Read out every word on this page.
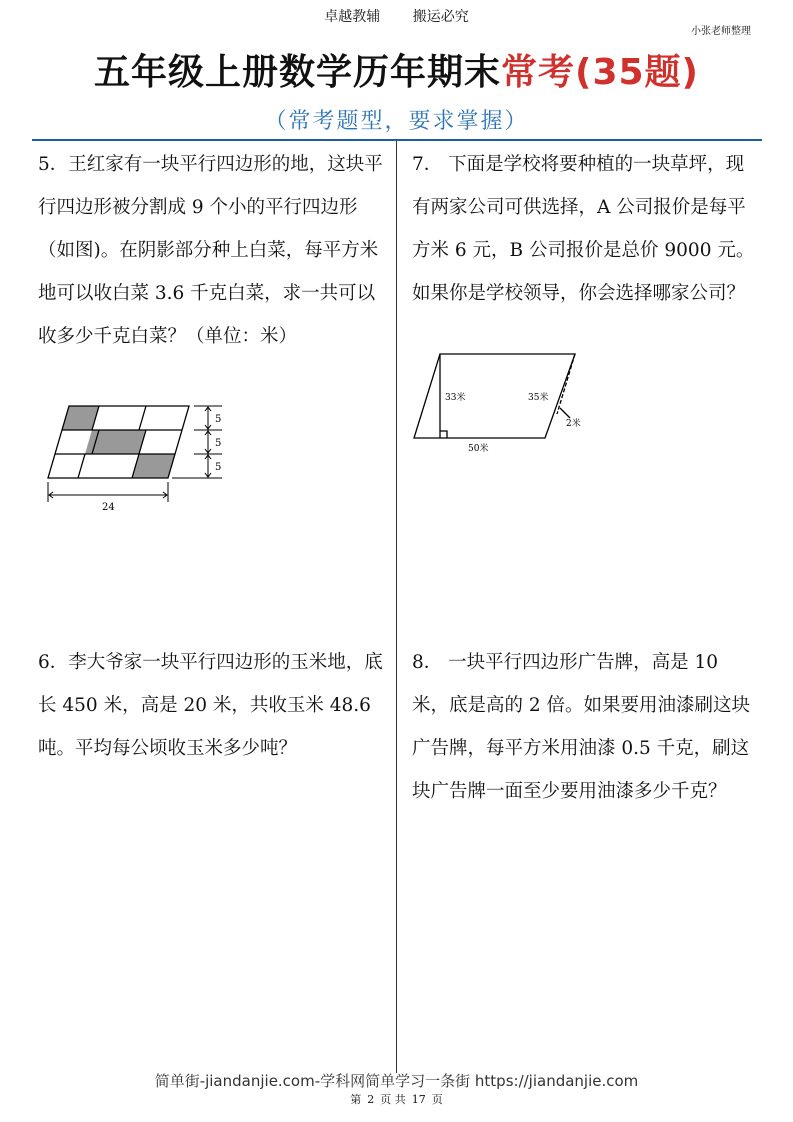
卓越教辅 搬运必究
小张老师整理
五年级上册数学历年期末常考(35题)
（常考题型，要求掌握）
5．王红家有一块平行四边形的地，这块平行四边形被分割成 9 个小的平行四边形（如图)。在阴影部分种上白菜，每平方米地可以收白菜 3.6 千克白菜，求一共可以收多少千克白菜？（单位：米）
6．李大爷家一块平行四边形的玉米地，底长 450 米，高是 20 米，共收玉米 48.6 吨。平均每公顷收玉米多少吨？
7． 下面是学校将要种植的一块草坪，现有两家公司可供选择，A 公司报价是每平方米 6 元，B 公司报价是总价 9000 元。如果你是学校领导，你会选择哪家公司？
8． 一块平行四边形广告牌，高是 10 米，底是高的 2 倍。如果要用油漆刷这块广告牌，每平方米用油漆 0.5 千克，刷这块广告牌一面至少要用油漆多少千克？
5
5
5
24
33米	35米
2米
50米
简单街-jiandanjie.com-学科网简单学习一条街 https://jiandanjie.com
第 2 页 共 17 页
